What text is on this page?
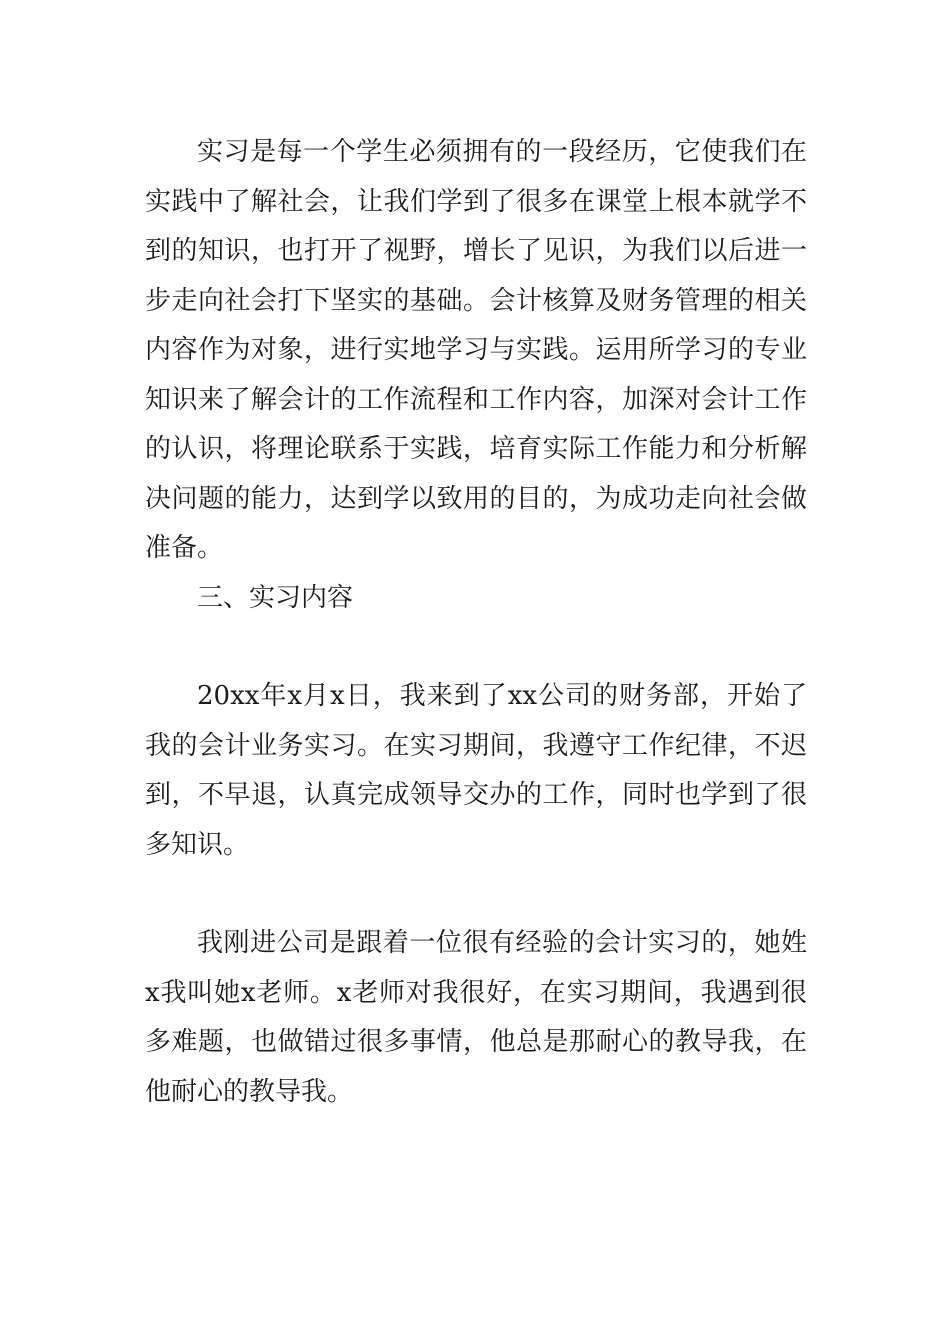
实习是每一个学生必须拥有的一段经历，它使我们在实践中了解社会，让我们学到了很多在课堂上根本就学不到的知识，也打开了视野，增长了见识，为我们以后进一步走向社会打下坚实的基础。会计核算及财务管理的相关内容作为对象，进行实地学习与实践。运用所学习的专业知识来了解会计的工作流程和工作内容，加深对会计工作的认识，将理论联系于实践，培育实际工作能力和分析解决问题的能力，达到学以致用的目的，为成功走向社会做准备。

三、实习内容

20xx年x月x日，我来到了xx公司的财务部，开始了我的会计业务实习。在实习期间，我遵守工作纪律，不迟到，不早退，认真完成领导交办的工作，同时也学到了很多知识。

我刚进公司是跟着一位很有经验的会计实习的，她姓x我叫她x老师。x老师对我很好，在实习期间，我遇到很多难题，也做错过很多事情，他总是那耐心的教导我，在他耐心的教导我。
